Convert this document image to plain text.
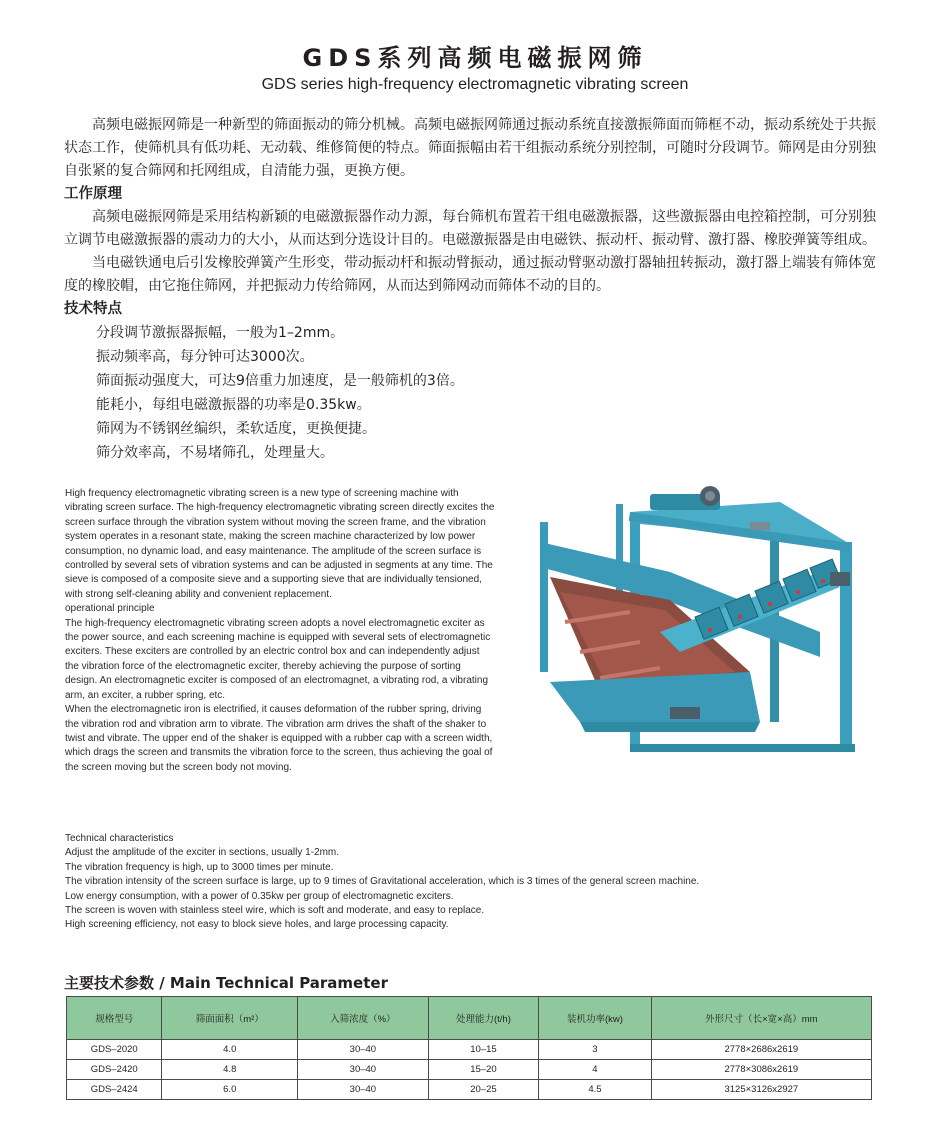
GDS系列高频电磁振网筛
GDS series high-frequency electromagnetic vibrating screen

高频电磁振网筛是一种新型的筛面振动的筛分机械。高频电磁振网筛通过振动系统直接激振筛面而筛框不动，振动系统处于共振状态工作，使筛机具有低功耗、无动载、维修简便的特点。筛面振幅由若干组振动系统分别控制，可随时分段调节。筛网是由分别独自张紧的复合筛网和托网组成，自清能力强，更换方便。

工作原理

高频电磁振网筛是采用结构新颖的电磁激振器作动力源，每台筛机布置若干组电磁激振器，这些激振器由电控箱控制，可分别独立调节电磁激振器的震动力的大小，从而达到分选设计目的。电磁激振器是由电磁铁、振动杆、振动臂、激打器、橡胶弹簧等组成。

当电磁铁通电后引发橡胶弹簧产生形变，带动振动杆和振动臂振动，通过振动臂驱动激打器轴扭转振动，激打器上端装有筛体宽度的橡胶帽，由它拖住筛网，并把振动力传给筛网，从而达到筛网动而筛体不动的目的。

技术特点
分段调节激振器振幅，一般为1–2mm。
振动频率高，每分钟可达3000次。
筛面振动强度大，可达9倍重力加速度，是一般筛机的3倍。
能耗小，每组电磁激振器的功率是0.35kw。
筛网为不锈钢丝编织，柔软适度，更换便捷。
筛分效率高，不易堵筛孔，处理量大。

High frequency electromagnetic vibrating screen is a new type of screening machine with vibrating screen surface. The high-frequency electromagnetic vibrating screen directly excites the screen surface through the vibration system without moving the screen frame, and the vibration system operates in a resonant state, making the screen machine characterized by low power consumption, no dynamic load, and easy maintenance. The amplitude of the screen surface is controlled by several sets of vibration systems and can be adjusted in segments at any time. The sieve is composed of a composite sieve and a supporting sieve that are individually tensioned, with strong self-cleaning ability and convenient replacement.

operational principle

The high-frequency electromagnetic vibrating screen adopts a novel electromagnetic exciter as the power source, and each screening machine is equipped with several sets of electromagnetic exciters. These exciters are controlled by an electric control box and can independently adjust the vibration force of the electromagnetic exciter, thereby achieving the purpose of sorting design. An electromagnetic exciter is composed of an electromagnet, a vibrating rod, a vibrating arm, an exciter, a rubber spring, etc.

When the electromagnetic iron is electrified, it causes deformation of the rubber spring, driving the vibration rod and vibration arm to vibrate. The vibration arm drives the shaft of the shaker to twist and vibrate. The upper end of the shaker is equipped with a rubber cap with a screen width, which drags the screen and transmits the vibration force to the screen, thus achieving the goal of the screen moving but the screen body not moving.

Technical characteristics

Adjust the amplitude of the exciter in sections, usually 1-2mm.

The vibration frequency is high, up to 3000 times per minute.

The vibration intensity of the screen surface is large, up to 9 times of Gravitational acceleration, which is 3 times of the general screen machine.

Low energy consumption, with a power of 0.35kw per group of electromagnetic exciters.

The screen is woven with stainless steel wire, which is soft and moderate, and easy to replace.

High screening efficiency, not easy to block sieve holes, and large processing capacity.

主要技术参数 / Main Technical Parameter
规格型号	筛面面积（m²）	入筛浓度（%）	处理能力(t/h)	装机功率(kw)	外形尺寸（长×宽×高）mm
GDS–2020	4.0	30–40	10–15	3	2778×2686x2619
GDS–2420	4.8	30–40	15–20	4	2778×3086x2619
GDS–2424	6.0	30–40	20–25	4.5	3125×3126x2927
